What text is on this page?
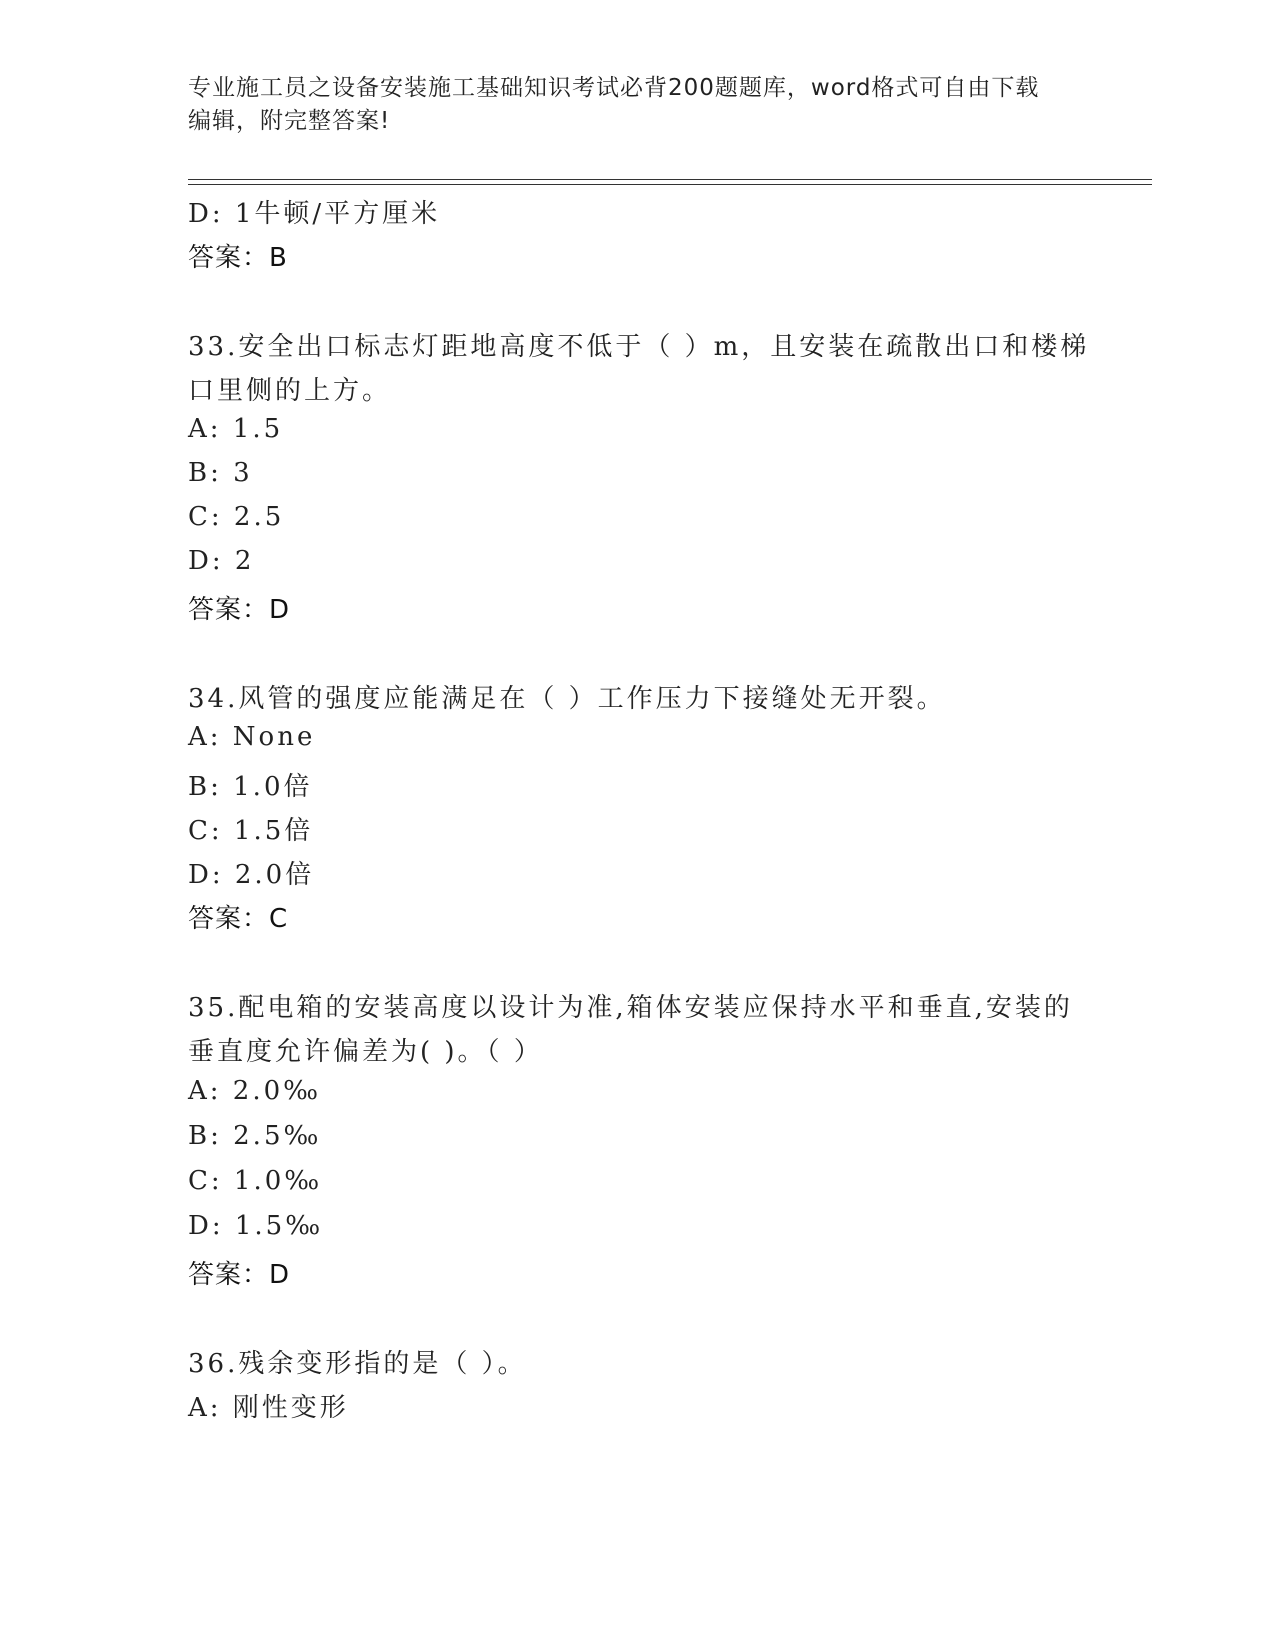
专业施工员之设备安装施工基础知识考试必背200题题库，word格式可自由下载
编辑，附完整答案!
D: 1牛顿/平方厘米
答案：B
33.安全出口标志灯距地高度不低于（ ）m，且安装在疏散出口和楼梯
口里侧的上方。
A: 1.5
B: 3
C: 2.5
D: 2
答案：D
34.风管的强度应能满足在（ ）工作压力下接缝处无开裂。
A: None
B: 1.0倍
C: 1.5倍
D: 2.0倍
答案：C
35.配电箱的安装高度以设计为准,箱体安装应保持水平和垂直,安装的
垂直度允许偏差为( )。（ ）
A: 2.0‰
B: 2.5‰
C: 1.0‰
D: 1.5‰
答案：D
36.残余变形指的是（ ）。
A: 刚性变形
